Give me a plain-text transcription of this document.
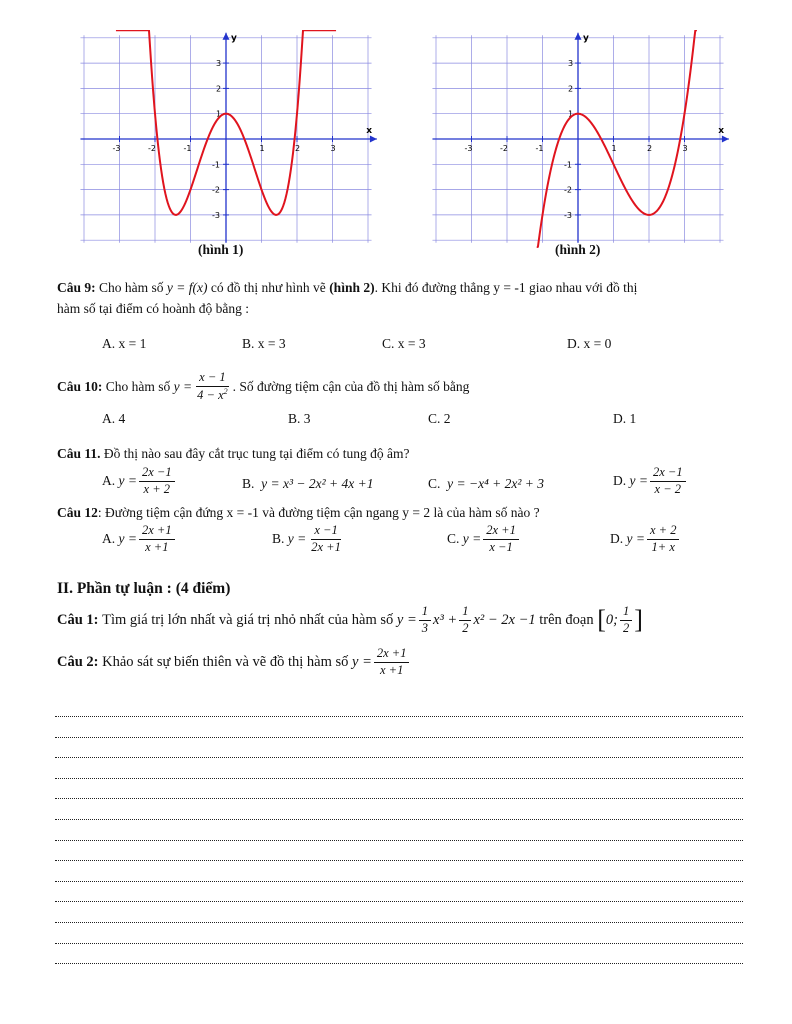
x
y
-3	-2	-1	1	2	3
3
2
1
-1
-2
-3
(hình 1)
x
y
-3	-2	-1	1	2	3
3
2
1
-1
-2
-3
(hình 2)
Câu 9: Cho hàm số y = f(x) có đồ thị như hình vẽ (hình 2). Khi đó đường thẳng y = -1 giao nhau với đồ thị
hàm số tại điểm có hoành độ bằng :
A. x = 1	B. x = 3	C. x = 3	D. x = 0
Câu 10:
Cho hàm số
$y = \frac{x - 1}{4 - x^2}$ . Số đường tiệm cận của đồ thị hàm số bằng
A. 4	B. 3	C. 2	D. 1
Câu 11. Đồ thị nào sau đây cắt trục tung tại điểm có tung độ âm?
A.
$y = \frac{2x -1}{x + 2}$	B. y = x³ − 2x² + 4x +1	C. y = −x⁴ + 2x² + 3	D.
$y = \frac{2x -1}{x - 2}$
Câu 12: Đường tiệm cận đứng x = -1 và đường tiệm cận ngang y = 2 là của hàm số nào ?
A.
$y = \frac{2x +1}{x +1}$	B.
$y = \frac{x -1}{2x +1}$	C.
$y = \frac{2x +1}{x -1}$	D.
$y = \frac{x + 2}{1+ x}$
II. Phần tự luận : (4 điểm)
Câu 1:
Tìm giá trị lớn nhất và giá trị nhỏ nhất của hàm số
$y = \frac{1}{3} x^3 + \frac{1}{2} x^2 - 2x -1$
trên đoạn
[ 0; $\frac{1}{2}$ ]
Câu 2:
Khảo sát sự biến thiên và vẽ đồ thị hàm số
$y = \frac{2x +1}{x +1}$
